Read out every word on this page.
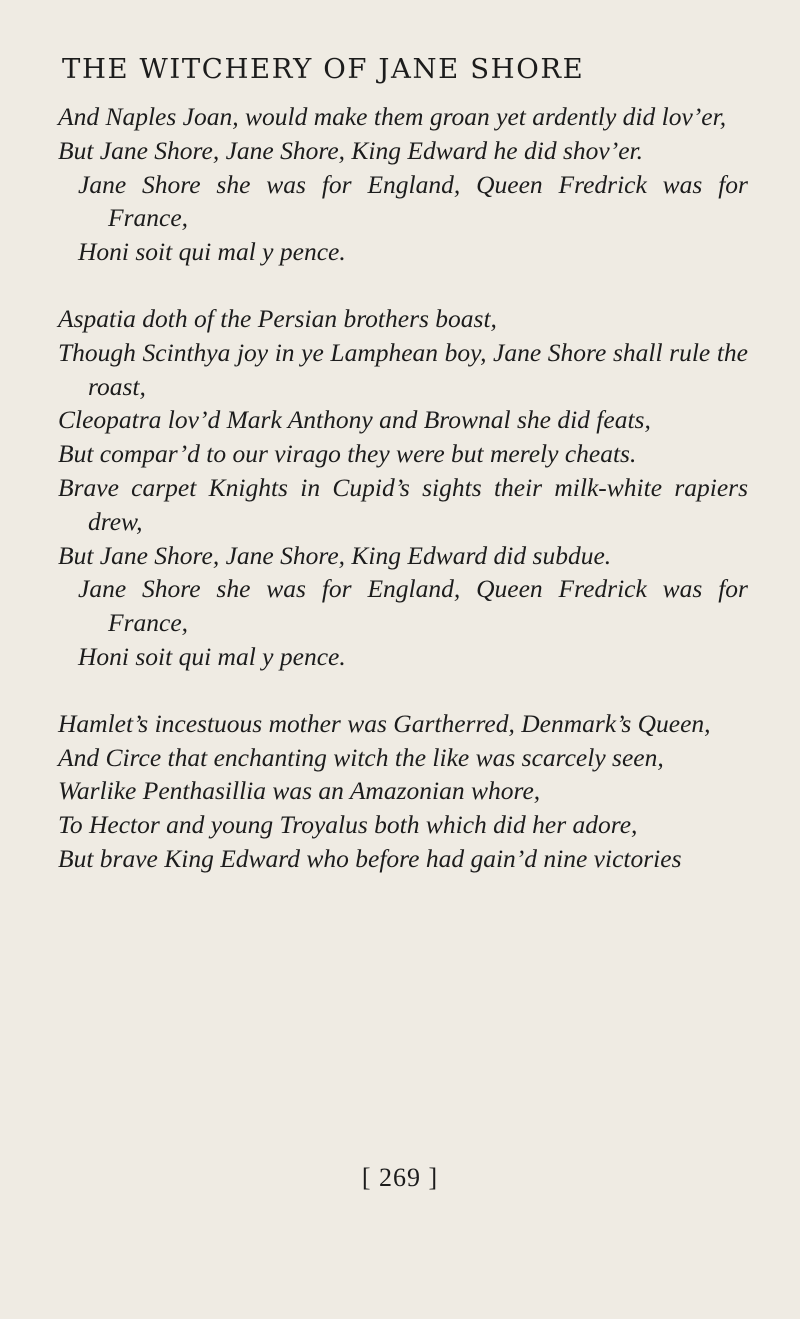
THE WITCHERY OF JANE SHORE
And Naples Joan, would make them groan yet ardently did lov’er,
But Jane Shore, Jane Shore, King Edward he did shov’er.
Jane Shore she was for England, Queen Fredrick was for France,
Honi soit qui mal y pence.
Aspatia doth of the Persian brothers boast,
Though Scinthya joy in ye Lamphean boy, Jane Shore shall rule the roast,
Cleopatra lov’d Mark Anthony and Brownal she did feats,
But compar’d to our virago they were but merely cheats.
Brave carpet Knights in Cupid’s sights their milk-white rapiers drew,
But Jane Shore, Jane Shore, King Edward did subdue.
Jane Shore she was for England, Queen Fredrick was for France,
Honi soit qui mal y pence.
Hamlet’s incestuous mother was Gartherred, Denmark’s Queen,
And Circe that enchanting witch the like was scarcely seen,
Warlike Penthasillia was an Amazonian whore,
To Hector and young Troyalus both which did her adore,
But brave King Edward who before had gain’d nine victories
[ 269 ]
